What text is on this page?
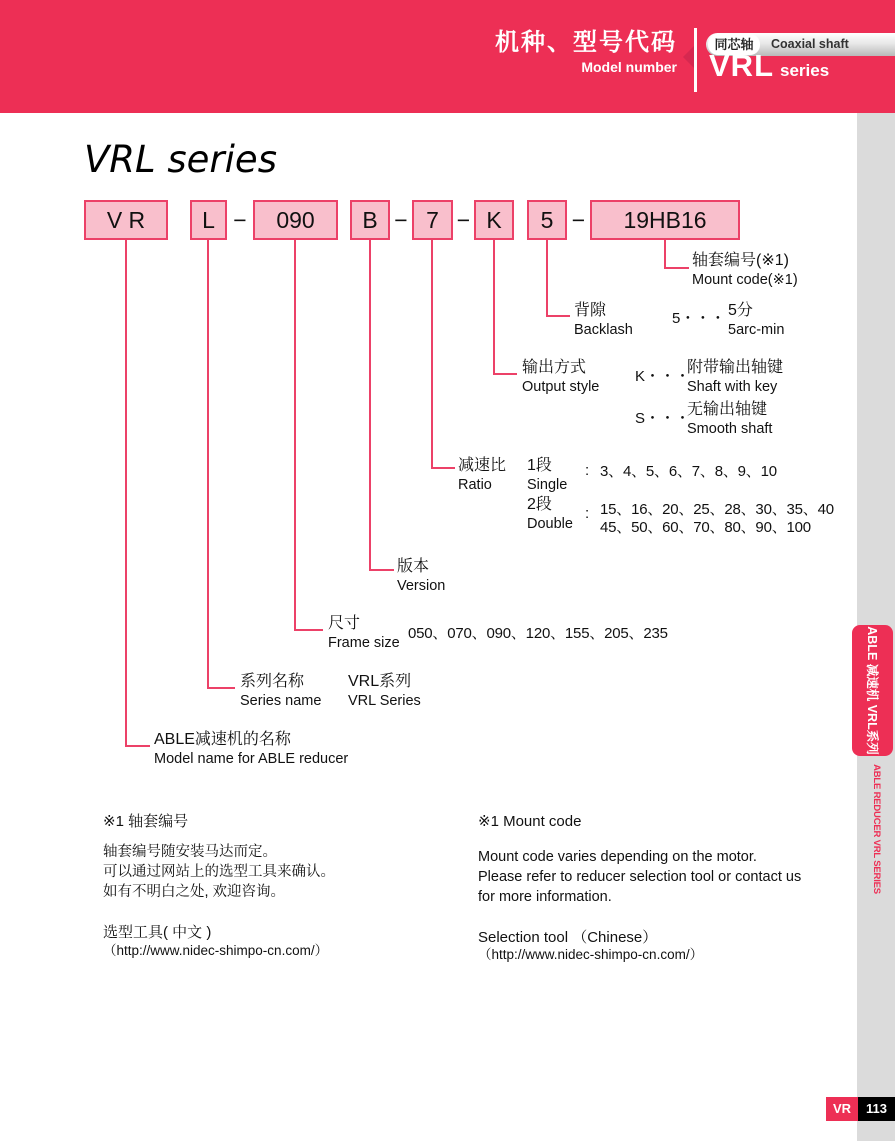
机种、型号代码
Model number
同芯轴	Coaxial shaft
VRL series
ABLE 减速机 VRL系列
ABLE REDUCER VRL SERIES
VR	113
VRL series
V R	L −	090	B − 7 − K	5 −	19HB16
轴套编号(※1)
Mount code(※1)
背隙
Backlash
5・・・ 5分
5arc-min
输出方式
Output style
K・・・
附带输出轴键
Shaft with key
S・・・
无输出轴键
Smooth shaft
减速比
Ratio
1段
Single
: 3、4、5、6、7、8、9、10
2段
Double
: 15、16、20、25、28、30、35、40
45、50、60、70、80、90、100
版本
Version
尺寸
Frame size
050、070、090、120、155、205、235
系列名称
Series name
VRL系列
VRL Series
ABLE减速机的名称
Model name for ABLE reducer
※1 轴套编号
轴套编号随安装马达而定。
可以通过网站上的选型工具来确认。
如有不明白之处, 欢迎咨询。
选型工具( 中文 )
（http://www.nidec-shimpo-cn.com/）
※1 Mount code
Mount code varies depending on the motor.
Please refer to reducer selection tool or contact us
for more information.
Selection tool （Chinese）
（http://www.nidec-shimpo-cn.com/）
